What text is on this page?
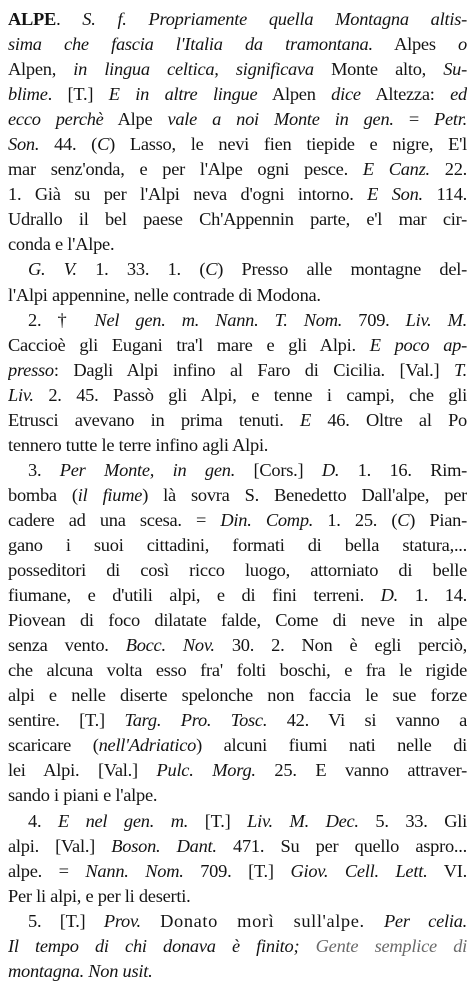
ALPE. S. f. Propriamente quella Montagna altis-
sima che fascia l'Italia da tramontana. Alpes o
Alpen, in lingua celtica, significava Monte alto, Su-
blime. [T.] E in altre lingue Alpen dice Altezza: ed
ecco perchè Alpe vale a noi Monte in gen. = Petr.
Son. 44. (C) Lasso, le nevi fien tiepide e nigre, E'l
mar senz'onda, e per l'Alpe ogni pesce. E Canz. 22.
1. Già su per l'Alpi neva d'ogni intorno. E Son. 114.
Udrallo il bel paese Ch'Appennin parte, e'l mar cir-
conda e l'Alpe.
G. V. 1. 33. 1. (C) Presso alle montagne del-
l'Alpi appennine, nelle contrade di Modona.
2. † Nel gen. m. Nann. T. Nom. 709. Liv. M.
Caccioè gli Eugani tra'l mare e gli Alpi. E poco ap-
presso: Dagli Alpi infino al Faro di Cicilia. [Val.] T.
Liv. 2. 45. Passò gli Alpi, e tenne i campi, che gli
Etrusci avevano in prima tenuti. E 46. Oltre al Po
tennero tutte le terre infino agli Alpi.
3. Per Monte, in gen. [Cors.] D. 1. 16. Rim-
bomba (il fiume) là sovra S. Benedetto Dall'alpe, per
cadere ad una scesa. = Din. Comp. 1. 25. (C) Pian-
gano i suoi cittadini, formati di bella statura,...
posseditori di così ricco luogo, attorniato di belle
fiumane, e d'utili alpi, e di fini terreni. D. 1. 14.
Piovean di foco dilatate falde, Come di neve in alpe
senza vento. Bocc. Nov. 30. 2. Non è egli perciò,
che alcuna volta esso fra' folti boschi, e fra le rigide
alpi e nelle diserte spelonche non faccia le sue forze
sentire. [T.] Targ. Pro. Tosc. 42. Vi si vanno a
scaricare (nell'Adriatico) alcuni fiumi nati nelle di
lei Alpi. [Val.] Pulc. Morg. 25. E vanno attraver-
sando i piani e l'alpe.
4. E nel gen. m. [T.] Liv. M. Dec. 5. 33. Gli
alpi. [Val.] Boson. Dant. 471. Su per quello aspro...
alpe. = Nann. Nom. 709. [T.] Giov. Cell. Lett. VI.
Per li alpi, e per li deserti.
5. [T.] Prov. Donato morì sull'alpe. Per celia.
Il tempo di chi donava è finito; Gente semplice di
montagna. Non usit.
